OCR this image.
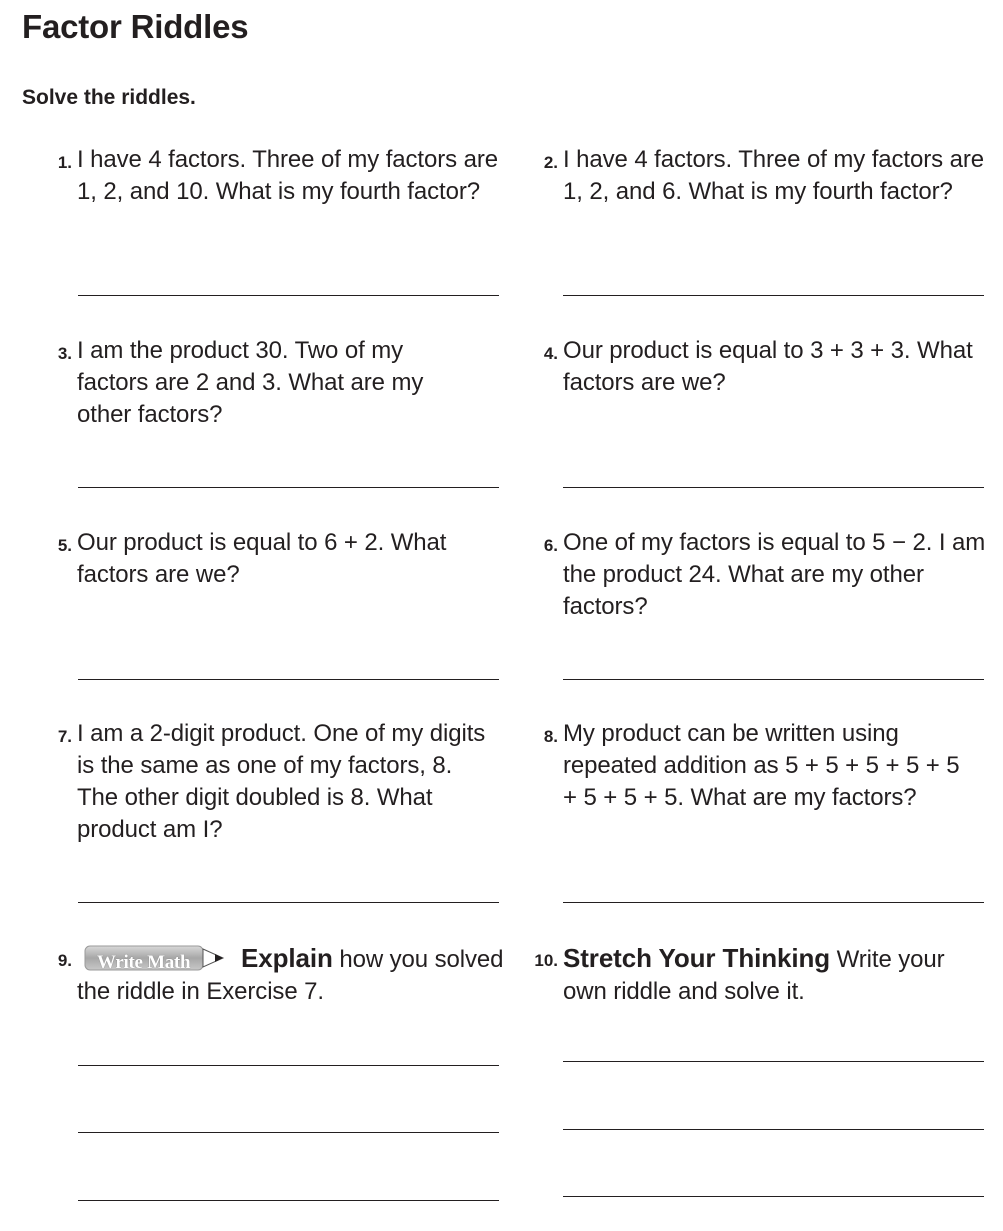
Factor Riddles

Solve the riddles.

1. I have 4 factors. Three of my factors are 1, 2, and 10. What is my fourth factor?
2. I have 4 factors. Three of my factors are 1, 2, and 6. What is my fourth factor?
3. I am the product 30. Two of my factors are 2 and 3. What are my other factors?
4. Our product is equal to 3 + 3 + 3. What factors are we?
5. Our product is equal to 6 + 2. What factors are we?
6. One of my factors is equal to 5 − 2. I am the product 24. What are my other factors?
7. I am a 2-digit product. One of my digits is the same as one of my factors, 8. The other digit doubled is 8. What product am I?
8. My product can be written using repeated addition as 5 + 5 + 5 + 5 + 5 + 5 + 5 + 5. What are my factors?
9. Write Math Explain how you solved the riddle in Exercise 7.
10. Stretch Your Thinking Write your own riddle and solve it.
